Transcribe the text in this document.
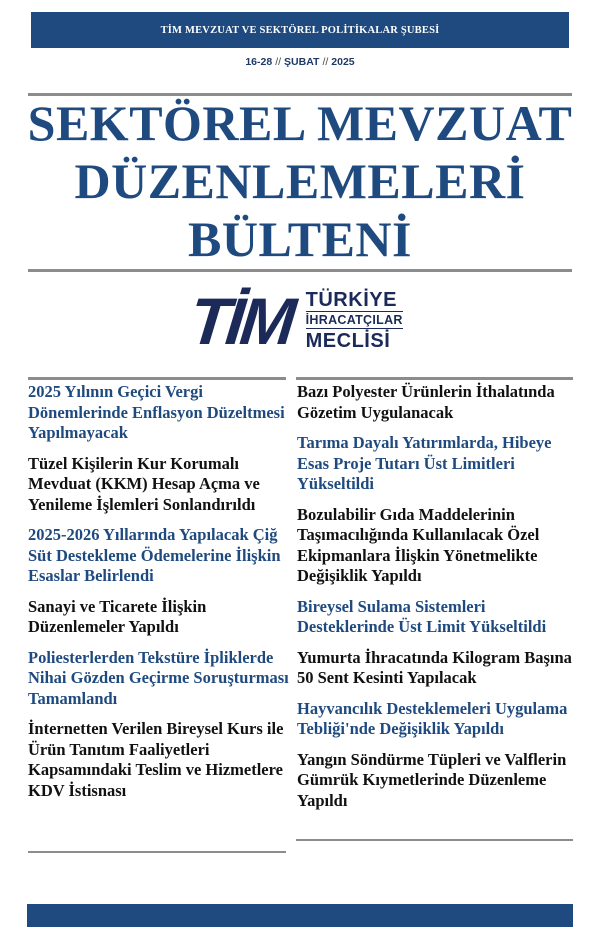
TİM MEVZUAT VE SEKTÖREL POLİTİKALAR ŞUBESİ
16-28 // ŞUBAT // 2025
SEKTÖREL MEVZUAT
DÜZENLEMELERİ
BÜLTENİ
TİM TÜRKİYE
İHRACATÇILAR
MECLİSİ
2025 Yılının Geçici Vergi Dönemlerinde Enflasyon Düzeltmesi Yapılmayacak
Tüzel Kişilerin Kur Korumalı Mevduat (KKM) Hesap Açma ve Yenileme İşlemleri Sonlandırıldı
2025-2026 Yıllarında Yapılacak Çiğ Süt Destekleme Ödemelerine İlişkin Esaslar Belirlendi
Sanayi ve Ticarete İlişkin Düzenlemeler Yapıldı
Poliesterlerden Tekstüre İpliklerde Nihai Gözden Geçirme Soruşturması Tamamlandı
İnternetten Verilen Bireysel Kurs ile Ürün Tanıtım Faaliyetleri Kapsamındaki Teslim ve Hizmetlere KDV İstisnası
Bazı Polyester Ürünlerin İthalatında Gözetim Uygulanacak
Tarıma Dayalı Yatırımlarda, Hibeye Esas Proje Tutarı Üst Limitleri Yükseltildi
Bozulabilir Gıda Maddelerinin Taşımacılığında Kullanılacak Özel Ekipmanlara İlişkin Yönetmelikte Değişiklik Yapıldı
Bireysel Sulama Sistemleri Desteklerinde Üst Limit Yükseltildi
Yumurta İhracatında Kilogram Başına 50 Sent Kesinti Yapılacak
Hayvancılık Desteklemeleri Uygulama Tebliği'nde Değişiklik Yapıldı
Yangın Söndürme Tüpleri ve Valflerin Gümrük Kıymetlerinde Düzenleme Yapıldı
